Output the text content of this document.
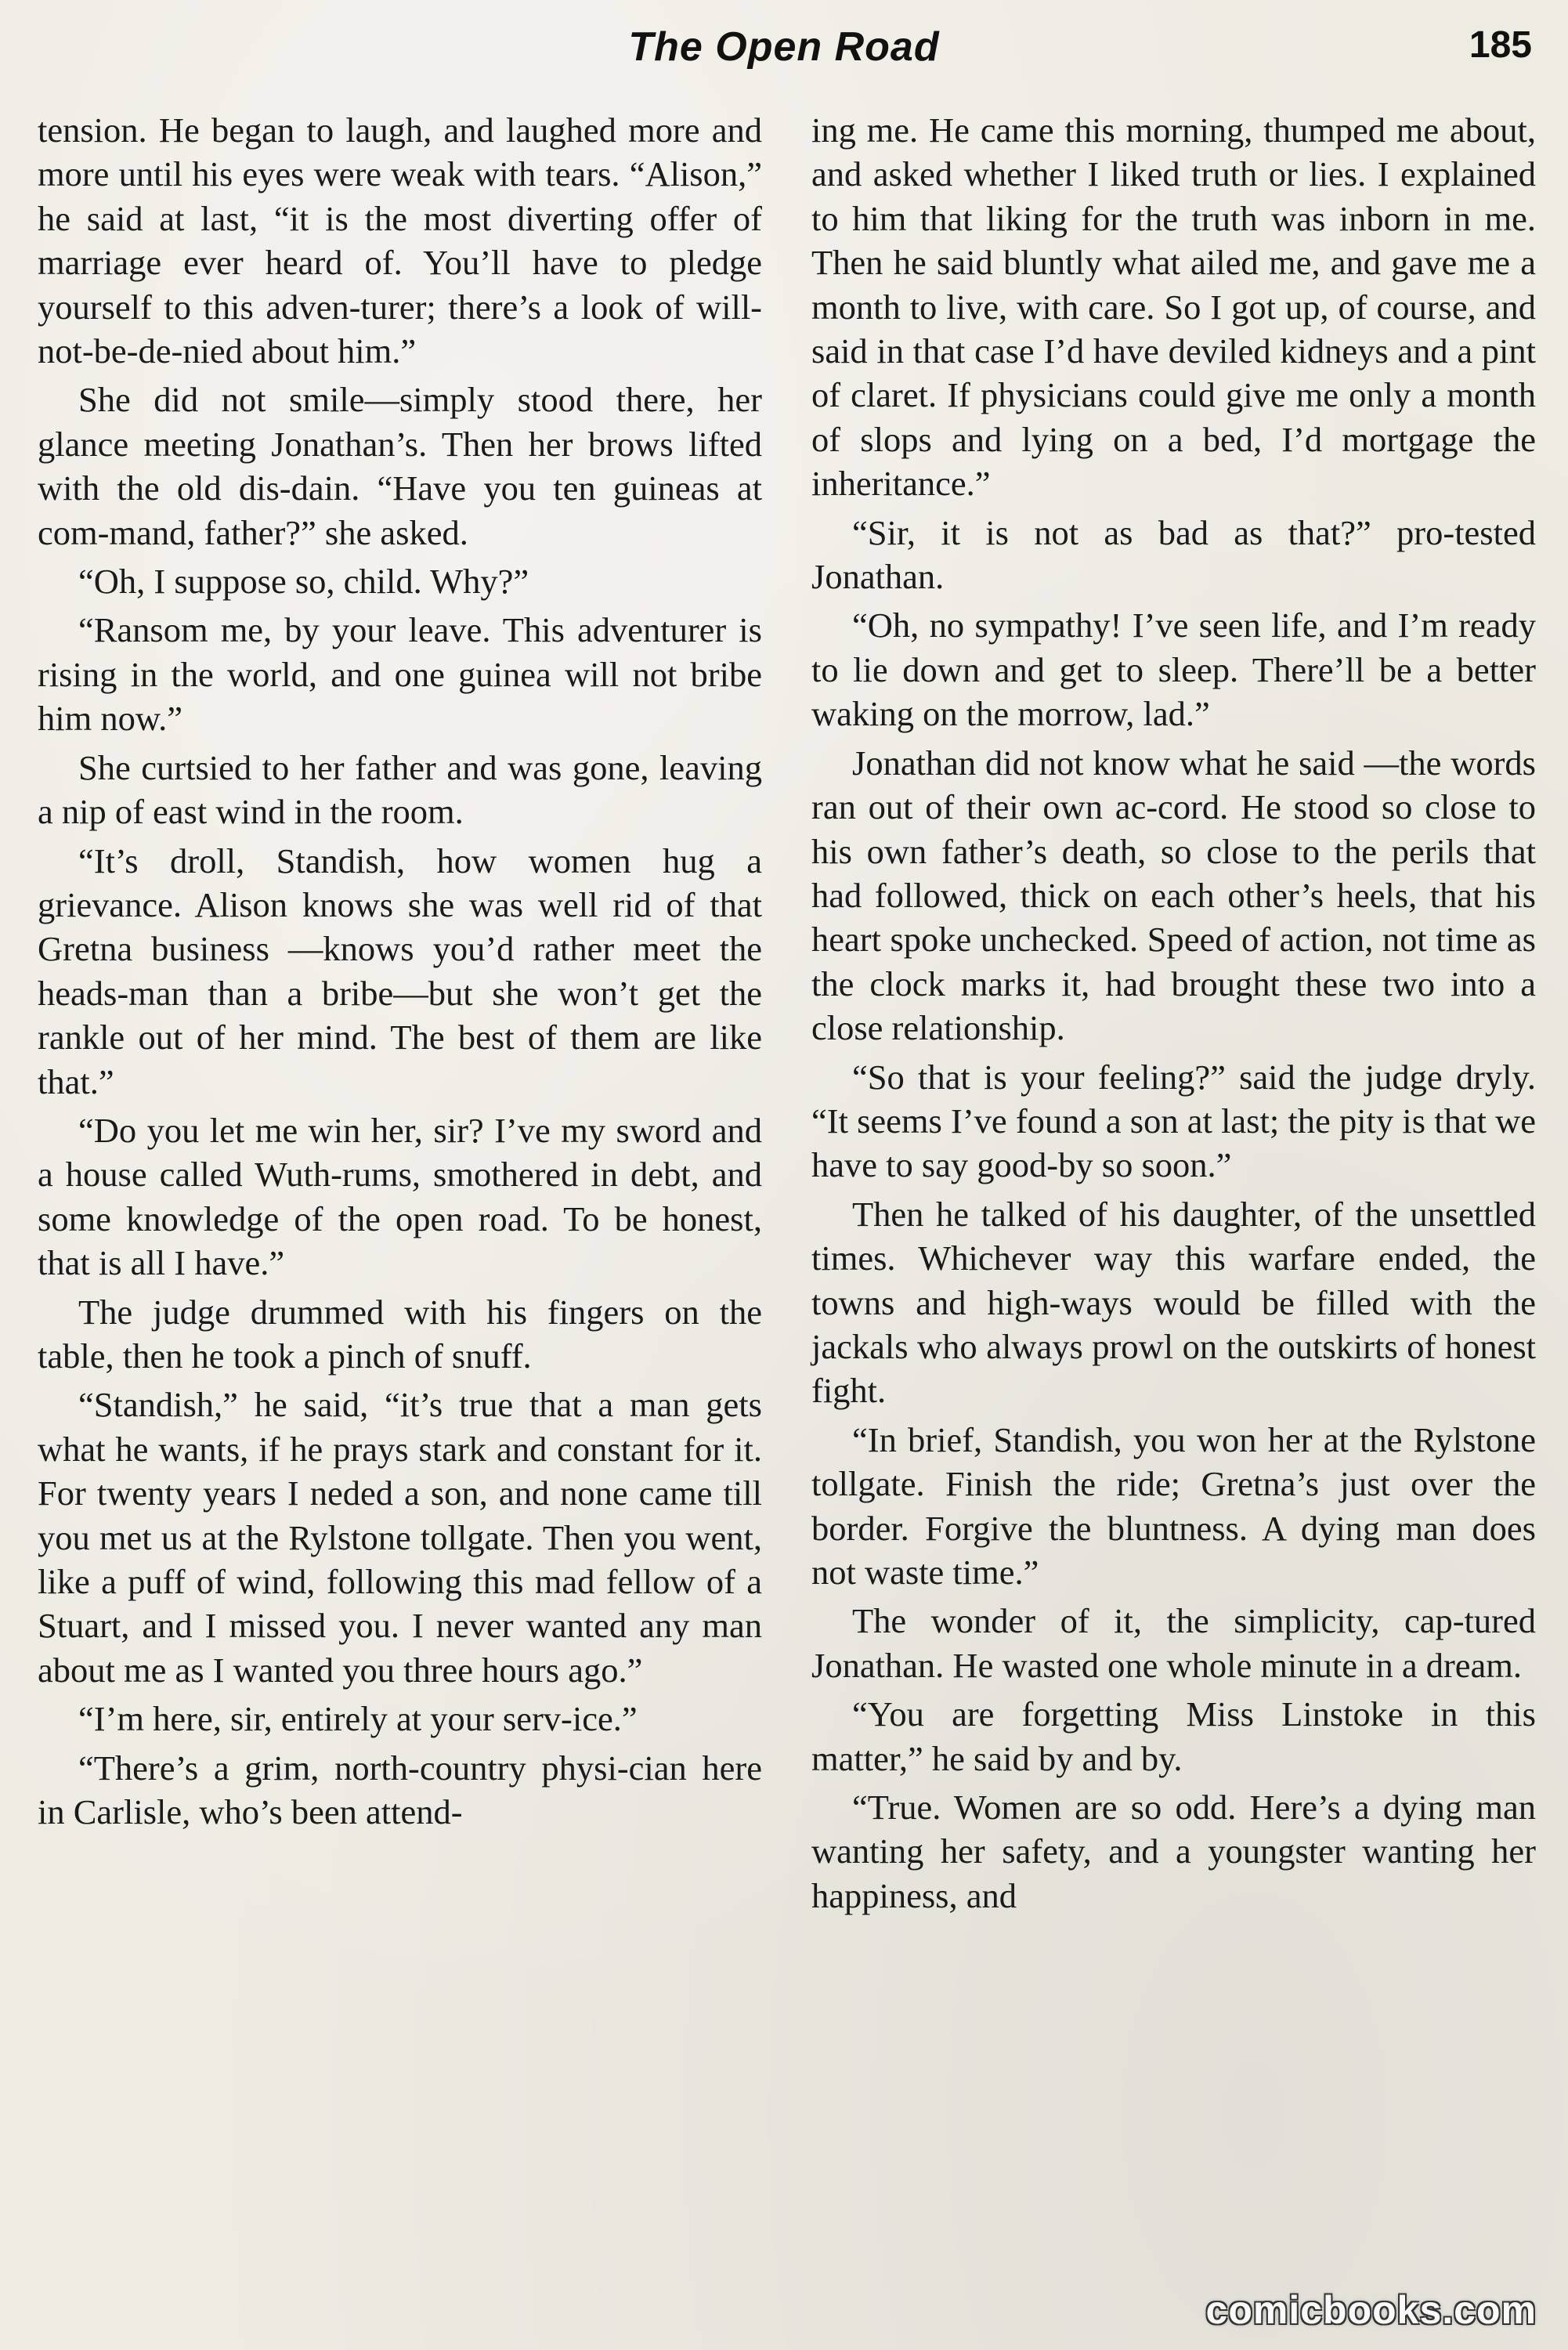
The Open Road	185

tension. He began to laugh, and laughed more and more until his eyes were weak with tears. “Alison,” he said at last, “it is the most diverting offer of marriage ever heard of. You’ll have to pledge yourself to this adven-turer; there’s a look of will-not-be-de-nied about him.”

She did not smile—simply stood there, her glance meeting Jonathan’s. Then her brows lifted with the old dis-dain. “Have you ten guineas at com-mand, father?” she asked.

“Oh, I suppose so, child. Why?”

“Ransom me, by your leave. This adventurer is rising in the world, and one guinea will not bribe him now.”

She curtsied to her father and was gone, leaving a nip of east wind in the room.

“It’s droll, Standish, how women hug a grievance. Alison knows she was well rid of that Gretna business —knows you’d rather meet the heads-man than a bribe—but she won’t get the rankle out of her mind. The best of them are like that.”

“Do you let me win her, sir? I’ve my sword and a house called Wuth-rums, smothered in debt, and some knowledge of the open road. To be honest, that is all I have.”

The judge drummed with his fingers on the table, then he took a pinch of snuff.

“Standish,” he said, “it’s true that a man gets what he wants, if he prays stark and constant for it. For twenty years I neded a son, and none came till you met us at the Rylstone tollgate. Then you went, like a puff of wind, following this mad fellow of a Stuart, and I missed you. I never wanted any man about me as I wanted you three hours ago.”

“I’m here, sir, entirely at your serv-ice.”

“There’s a grim, north-country physi-cian here in Carlisle, who’s been attend-

ing me. He came this morning, thumped me about, and asked whether I liked truth or lies. I explained to him that liking for the truth was inborn in me. Then he said bluntly what ailed me, and gave me a month to live, with care. So I got up, of course, and said in that case I’d have deviled kidneys and a pint of claret. If physicians could give me only a month of slops and lying on a bed, I’d mortgage the inheritance.”

“Sir, it is not as bad as that?” pro-tested Jonathan.

“Oh, no sympathy! I’ve seen life, and I’m ready to lie down and get to sleep. There’ll be a better waking on the morrow, lad.”

Jonathan did not know what he said —the words ran out of their own ac-cord. He stood so close to his own father’s death, so close to the perils that had followed, thick on each other’s heels, that his heart spoke unchecked. Speed of action, not time as the clock marks it, had brought these two into a close relationship.

“So that is your feeling?” said the judge dryly. “It seems I’ve found a son at last; the pity is that we have to say good-by so soon.”

Then he talked of his daughter, of the unsettled times. Whichever way this warfare ended, the towns and high-ways would be filled with the jackals who always prowl on the outskirts of honest fight.

“In brief, Standish, you won her at the Rylstone tollgate. Finish the ride; Gretna’s just over the border. Forgive the bluntness. A dying man does not waste time.”

The wonder of it, the simplicity, cap-tured Jonathan. He wasted one whole minute in a dream.

“You are forgetting Miss Linstoke in this matter,” he said by and by.

“True. Women are so odd. Here’s a dying man wanting her safety, and a youngster wanting her happiness, and

comicbooks.com
